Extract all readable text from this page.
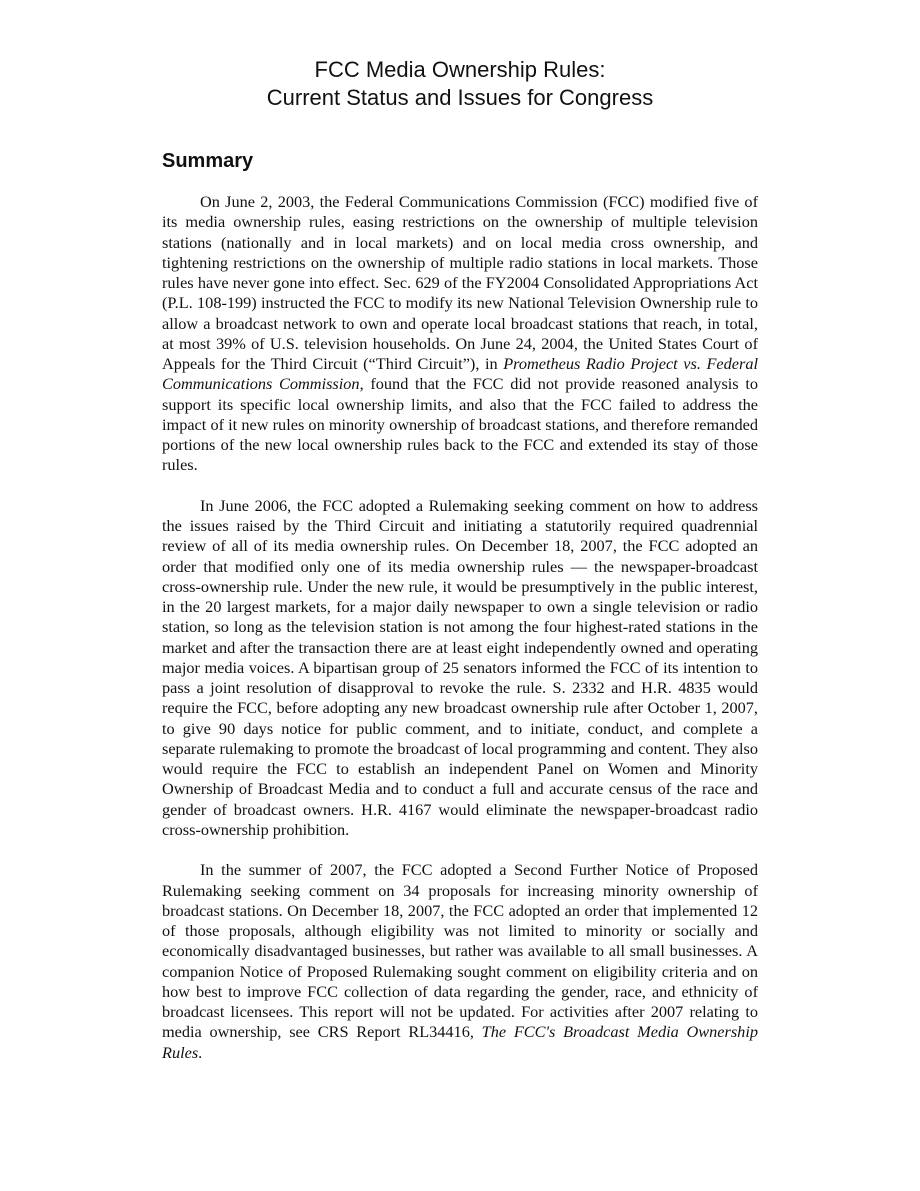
FCC Media Ownership Rules:
Current Status and Issues for Congress
Summary

On June 2, 2003, the Federal Communications Commission (FCC) modified five of its media ownership rules, easing restrictions on the ownership of multiple television stations (nationally and in local markets) and on local media cross ownership, and tightening restrictions on the ownership of multiple radio stations in local markets. Those rules have never gone into effect. Sec. 629 of the FY2004 Consolidated Appropriations Act (P.L. 108-199) instructed the FCC to modify its new National Television Ownership rule to allow a broadcast network to own and operate local broadcast stations that reach, in total, at most 39% of U.S. television households. On June 24, 2004, the United States Court of Appeals for the Third Circuit (“Third Circuit”), in Prometheus Radio Project vs. Federal Communications Commission, found that the FCC did not provide reasoned analysis to support its specific local ownership limits, and also that the FCC failed to address the impact of it new rules on minority ownership of broadcast stations, and therefore remanded portions of the new local ownership rules back to the FCC and extended its stay of those rules.

In June 2006, the FCC adopted a Rulemaking seeking comment on how to address the issues raised by the Third Circuit and initiating a statutorily required quadrennial review of all of its media ownership rules. On December 18, 2007, the FCC adopted an order that modified only one of its media ownership rules — the newspaper-broadcast cross-ownership rule. Under the new rule, it would be presumptively in the public interest, in the 20 largest markets, for a major daily newspaper to own a single television or radio station, so long as the television station is not among the four highest-rated stations in the market and after the transaction there are at least eight independently owned and operating major media voices. A bipartisan group of 25 senators informed the FCC of its intention to pass a joint resolution of disapproval to revoke the rule. S. 2332 and H.R. 4835 would require the FCC, before adopting any new broadcast ownership rule after October 1, 2007, to give 90 days notice for public comment, and to initiate, conduct, and complete a separate rulemaking to promote the broadcast of local programming and content. They also would require the FCC to establish an independent Panel on Women and Minority Ownership of Broadcast Media and to conduct a full and accurate census of the race and gender of broadcast owners. H.R. 4167 would eliminate the newspaper-broadcast radio cross-ownership prohibition.

In the summer of 2007, the FCC adopted a Second Further Notice of Proposed Rulemaking seeking comment on 34 proposals for increasing minority ownership of broadcast stations. On December 18, 2007, the FCC adopted an order that implemented 12 of those proposals, although eligibility was not limited to minority or socially and economically disadvantaged businesses, but rather was available to all small businesses. A companion Notice of Proposed Rulemaking sought comment on eligibility criteria and on how best to improve FCC collection of data regarding the gender, race, and ethnicity of broadcast licensees. This report will not be updated. For activities after 2007 relating to media ownership, see CRS Report RL34416, The FCC's Broadcast Media Ownership Rules.
